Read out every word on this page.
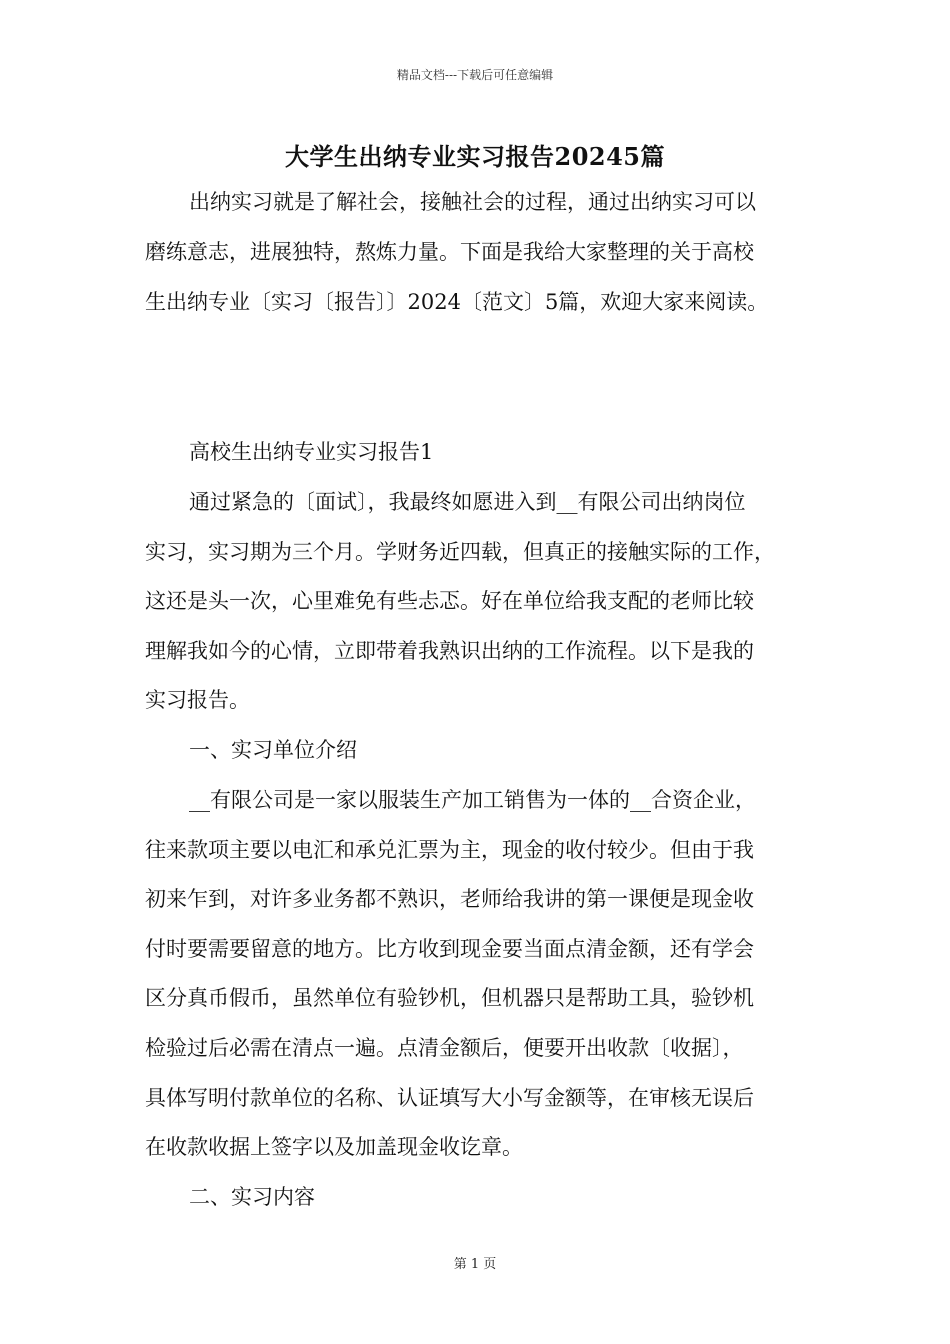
精品文档---下载后可任意编辑
大学生出纳专业实习报告20245篇
出纳实习就是了解社会，接触社会的过程，通过出纳实习可以
磨练意志，进展独特，熬炼力量。下面是我给大家整理的关于高校
生出纳专业〔实习〔报告〕〕2024〔范文〕5篇，欢迎大家来阅读。
高校生出纳专业实习报告1
通过紧急的〔面试〕，我最终如愿进入到__有限公司出纳岗位
实习，实习期为三个月。学财务近四载，但真正的接触实际的工作，
这还是头一次，心里难免有些忐忑。好在单位给我支配的老师比较
理解我如今的心情，立即带着我熟识出纳的工作流程。以下是我的
实习报告。
一、实习单位介绍
__有限公司是一家以服装生产加工销售为一体的__合资企业，
往来款项主要以电汇和承兑汇票为主，现金的收付较少。但由于我
初来乍到，对许多业务都不熟识，老师给我讲的第一课便是现金收
付时要需要留意的地方。比方收到现金要当面点清金额，还有学会
区分真币假币，虽然单位有验钞机，但机器只是帮助工具，验钞机
检验过后必需在清点一遍。点清金额后，便要开出收款〔收据〕，
具体写明付款单位的名称、认证填写大小写金额等，在审核无误后
在收款收据上签字以及加盖现金收讫章。
二、实习内容
第 1 页
